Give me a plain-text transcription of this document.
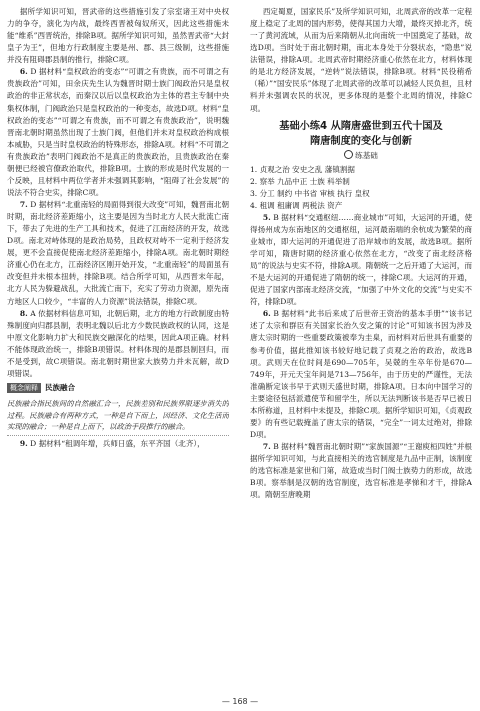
据所学知识可知，晋武帝的这些措施引发了宗室诸王对中央权力的争夺，演化为内战，最终西晋被匈奴所灭，因此这些措施未能“维系”西晋统治，排除B项。据所学知识可知，虽然晋武帝“大封皇子为王”，但地方行政制度主要是州、郡、县三级制，这些措施并没有阻碍郡县制的推行，排除C项。

6. D 据材料“皇权政治的变态”“可谓之有贵族，而不可谓之有贵族政治”可知，田余庆先生认为魏晋时期士族门阀政治只是皇权政治的非正常状态，而秦汉以后以皇权政治为主体的君主专制中央集权体制，门阀政治只是皇权政治的一种变态，故选D项。材料“皇权政治的变态”“可谓之有贵族，而不可谓之有贵族政治”，说明魏晋南北朝时期虽然出现了士族门阀，但他们并未对皇权政治构成根本威胁，只是当时皇权政治的特殊形态，排除A项。材料“不可谓之有贵族政治”表明门阀政治不是真正的贵族政治，且贵族政治在秦朝便已经被官僚政治取代，排除B项。士族的形成是时代发展的一个反映，且材料中两位学者并未强调其影响，“阻碍了社会发展”的说法不符合史实，排除C项。

7. D 据材料“北重南轻的局面得到很大改变”可知，魏晋南北朝时期，南北经济差距缩小，这主要是因为当时北方人民大批流亡南下，带去了先进的生产工具和技术，促进了江南经济的开发，故选D项。南北对峙体现的是政治局势，且政权对峙不一定利于经济发展，更不会直接促使南北经济差距缩小，排除A项。南北朝时期经济重心仍在北方，江南经济区刚开始开发，“北重南轻”的局面虽有改变但并未根本扭转，排除B项。结合所学可知，从西晋末年起，北方人民为躲避战乱，大批流亡南下，充实了劳动力资源，原先南方地区人口较少，“丰富的人力资源”说法错误，排除C项。

8. A 依据材料信息可知，北朝后期，北方的地方行政制度由特殊制度向归郡县制，表明北魏以后北方少数民族政权的认同，这是中原文化影响力扩大和民族交融深化的结果，因此A项正确。材料不能体现政治统一，排除B项错误。材料体现的是郡县制回归，而不是受到，故C项错误。南北朝时期世家大族势力并未瓦解，故D项错误。

概念阐释 民族融合
民族融合指民族间的自然融汇合一，民族差别和民族界限逐步消失的过程。民族融合有两种方式，一种是自下而上，因经济、文化生活而实现的融合；一种是自上而下，以政治手段推行的融合。

9. D 据材料“租调年增，兵师日盛，东平齐国（北齐），

西定蜀夏，国家民乐”及所学知识可知，北周武帝的改革一定程度上稳定了北周的国内形势，使得其国力大增，最终灭掉北齐，统一了黄河流域，从而为后来隋朝从北向南统一中国奠定了基础，故选D项。当时处于南北朝时期，南北本身处于分裂状态，“隐患”说法错误，排除A项。北周武帝时期经济重心依然在北方，材料体现的是北方经济发展，“逆转”说法错误，排除B项。材料“民役稍希（稀）”“国安民乐”体现了北周武帝的改革可以减轻人民负担，且材料并未强调农民的状况，更多体现的是整个北周的情况，排除C项。

基础小练4 从隋唐盛世到五代十国及
隋唐制度的变化与创新
练基础

1. 贞观之治 安史之乱 藩镇割据

2. 察举 九品中正 士族 科举制

3. 分工 制约 中书省 审核 执行 皇权

4. 租调 租庸调 两税法 资产

5. B 据材料“交通枢纽……商业城市”可知，大运河的开通，使得扬州成为东南地区的交通枢纽，运河最南端的余杭成为繁荣的商业城市，即大运河的开通促进了沿岸城市的发展，故选B项。据所学可知，隋唐时期的经济重心依然在北方，“改变了南北经济格局”的说法与史实不符，排除A项。隋朝统一之后开通了大运河，而不是大运河的开通促进了隋朝的统一，排除C项。大运河的开通，促进了国家内部南北经济交流，“加强了中外文化的交流”与史实不符，排除D项。

6. B 据材料“此书后来成了后世帝王资治的基本手册”“该书记述了太宗和群臣有关国家长治久安之策的讨论”可知该书因为涉及唐太宗时期的一些重要政策被奉为圭臬，而材料对后世具有重要的参考价值，据此推知该书较好地记载了贞观之治的政治，故选B项。武则天在位时间是690—705年，吴兢的生卒年份是670—749年，开元天宝年间是713—756年，由于历史的严谨性，无法准确断定该书早于武则天盛世时期，排除A项。日本向中国学习的主要途径包括派遣使节和留学生，所以无法判断该书是否早已被日本所称道，且材料中未提及，排除C项。据所学知识可知，《贞观政要》的有些记载掩盖了唐太宗的错误，“完全”一词太过绝对，排除D项。

7. B 据材料“魏晋南北朝时期”“家族国源”“王谢庾桓四姓”并根据所学知识可知，与此直接相关的选官制度是九品中正制，该制度的选官标准是家世和门第，故造成当时门阀士族势力的形成，故选B项。察举制是汉朝的选官制度，选官标准是孝悌和才干，排除A项。隋朝至唐晚期

— 168 —
